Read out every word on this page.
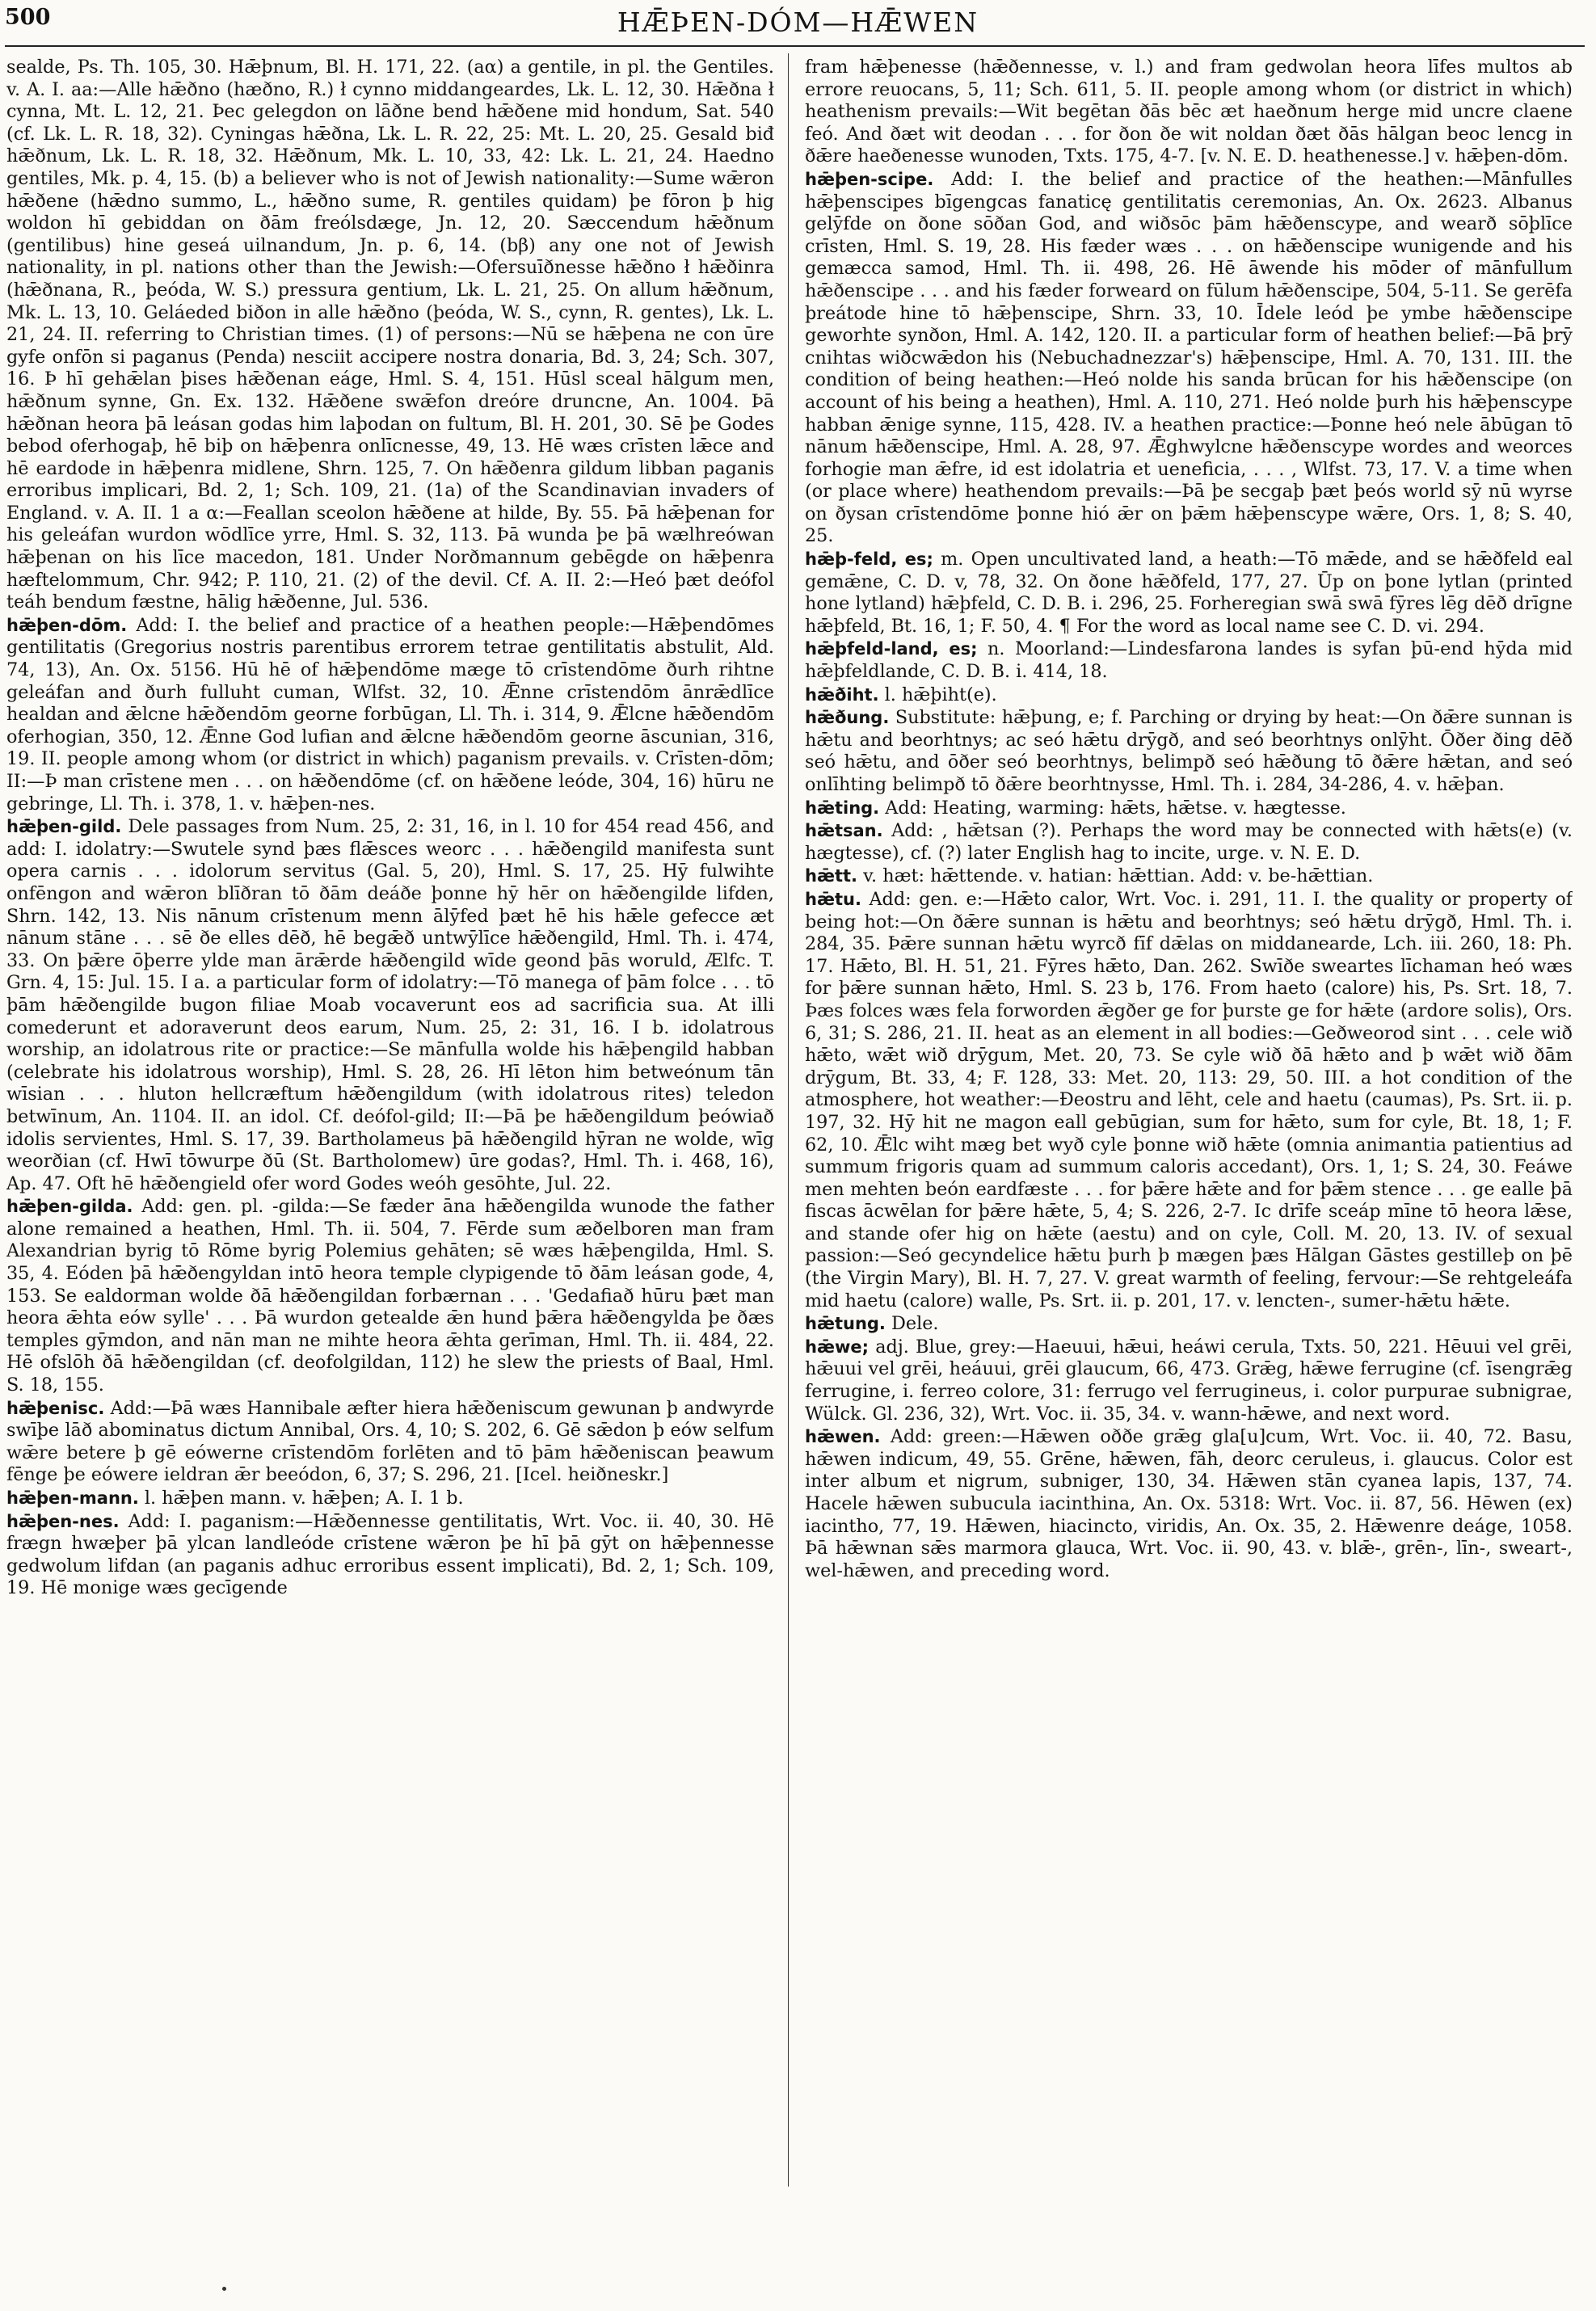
500	HǢÞEN-DÓM—HǢWEN

sealde, Ps. Th. 105, 30. Hǣþnum, Bl. H. 171, 22. (aα) a gentile, in pl. the Gentiles. v. A. I. aa:—Alle hǣðno (hæðno, R.) ł cynno middangeardes, Lk. L. 12, 30. Hǣðna ł cynna, Mt. L. 12, 21. Þec gelegdon on lāðne bend hǣðene mid hondum, Sat. 540 (cf. Lk. L. R. 18, 32). Cyningas hǣðna, Lk. L. R. 22, 25: Mt. L. 20, 25. Gesald biđ hǣðnum, Lk. L. R. 18, 32. Hǣðnum, Mk. L. 10, 33, 42: Lk. L. 21, 24. Haedno gentiles, Mk. p. 4, 15. (b) a believer who is not of Jewish nationality:—Sume wǣron hǣðene (hǣdno summo, L., hǣðno sume, R. gentiles quidam) þe fōron þ hig woldon hī gebiddan on ðām freólsdæge, Jn. 12, 20. Sæccendum hǣðnum (gentilibus) hine geseá uilnandum, Jn. p. 6, 14. (bβ) any one not of Jewish nationality, in pl. nations other than the Jewish:—Ofersuīðnesse hǣðno ł hǣðinra (hǣðnana, R., þeóda, W. S.) pressura gentium, Lk. L. 21, 25. On allum hǣðnum, Mk. L. 13, 10. Geláeded biðon in alle hǣðno (þeóda, W. S., cynn, R. gentes), Lk. L. 21, 24. II. referring to Christian times. (1) of persons:—Nū se hǣþena ne con ūre gyfe onfōn si paganus (Penda) nesciit accipere nostra donaria, Bd. 3, 24; Sch. 307, 16. Þ hī gehǣlan þises hǣðenan eáge, Hml. S. 4, 151. Hūsl sceal hālgum men, hǣðnum synne, Gn. Ex. 132. Hǣðene swǣfon dreóre druncne, An. 1004. Þā hǣðnan heora þā leásan godas him laþodan on fultum, Bl. H. 201, 30. Sē þe Godes bebod oferhogaþ, hē biþ on hǣþenra onlīcnesse, 49, 13. Hē wæs crīsten lǣce and hē eardode in hǣþenra midlene, Shrn. 125, 7. On hǣðenra gildum libban paganis erroribus implicari, Bd. 2, 1; Sch. 109, 21. (1a) of the Scandinavian invaders of England. v. A. II. 1 a α:—Feallan sceolon hǣðene at hilde, By. 55. Þā hǣþenan for his geleáfan wurdon wōdlīce yrre, Hml. S. 32, 113. Þā wunda þe þā wælhreówan hǣþenan on his līce macedon, 181. Under Norðmannum gebēgde on hǣþenra hæftelommum, Chr. 942; P. 110, 21. (2) of the devil. Cf. A. II. 2:—Heó þæt deófol teáh bendum fæstne, hālig hǣðenne, Jul. 536.

hǣþen-dōm. Add: I. the belief and practice of a heathen people:—Hǣþendōmes gentilitatis (Gregorius nostris parentibus errorem tetrae gentilitatis abstulit, Ald. 74, 13), An. Ox. 5156. Hū hē of hǣþendōme mæge tō crīstendōme ðurh rihtne geleáfan and ðurh fulluht cuman, Wlfst. 32, 10. Ǣnne crīstendōm ānrǣdlīce healdan and ǣlcne hǣðendōm georne forbūgan, Ll. Th. i. 314, 9. Ǣlcne hǣðendōm oferhogian, 350, 12. Ǣnne God lufian and ǣlcne hǣðendōm georne āscunian, 316, 19. II. people among whom (or district in which) paganism prevails. v. Crīsten-dōm; II:—Þ man crīstene men . . . on hǣðendōme (cf. on hǣðene leóde, 304, 16) hūru ne gebringe, Ll. Th. i. 378, 1. v. hǣþen-nes.

hǣþen-gild. Dele passages from Num. 25, 2: 31, 16, in l. 10 for 454 read 456, and add: I. idolatry:—Swutele synd þæs flǣsces weorc . . . hǣðengild manifesta sunt opera carnis . . . idolorum servitus (Gal. 5, 20), Hml. S. 17, 25. Hȳ fulwihte onfēngon and wǣron blīðran tō ðām deáðe þonne hȳ hēr on hǣðengilde lifden, Shrn. 142, 13. Nis nānum crīstenum menn ālȳfed þæt hē his hǣle gefecce æt nānum stāne . . . sē ðe elles dēð, hē begǣð untwȳlīce hǣðengild, Hml. Th. i. 474, 33. On þǣre ōþerre ylde man ārǣrde hǣðengild wīde geond þās woruld, Ælfc. T. Grn. 4, 15: Jul. 15. I a. a particular form of idolatry:—Tō manega of þām folce . . . tō þām hǣðengilde bugon filiae Moab vocaverunt eos ad sacrificia sua. At illi comederunt et adoraverunt deos earum, Num. 25, 2: 31, 16. I b. idolatrous worship, an idolatrous rite or practice:—Se mānfulla wolde his hǣþengild habban (celebrate his idolatrous worship), Hml. S. 28, 26. Hī lēton him betweónum tān wīsian . . . hluton hellcræftum hǣðengildum (with idolatrous rites) teledon betwīnum, An. 1104. II. an idol. Cf. deófol-gild; II:—Þā þe hǣðengildum þeówiað idolis servientes, Hml. S. 17, 39. Bartholameus þā hǣðengild hȳran ne wolde, wīg weorðian (cf. Hwī tōwurpe ðū (St. Bartholomew) ūre godas?, Hml. Th. i. 468, 16), Ap. 47. Oft hē hǣðengield ofer word Godes weóh gesōhte, Jul. 22.

hǣþen-gilda. Add: gen. pl. -gilda:—Se fæder āna hǣðengilda wunode the father alone remained a heathen, Hml. Th. ii. 504, 7. Fērde sum æðelboren man fram Alexandrian byrig tō Rōme byrig Polemius gehāten; sē wæs hǣþengilda, Hml. S. 35, 4. Eóden þā hǣðengyldan intō heora temple clypigende tō ðām leásan gode, 4, 153. Se ealdorman wolde ðā hǣðengildan forbærnan . . . 'Gedafiað hūru þæt man heora ǣhta eów sylle' . . . Þā wurdon getealde ǣn hund þǣra hǣðengylda þe ðæs temples gȳmdon, and nān man ne mihte heora ǣhta gerīman, Hml. Th. ii. 484, 22. Hē ofslōh ðā hǣðengildan (cf. deofolgildan, 112) he slew the priests of Baal, Hml. S. 18, 155.

hǣþenisc. Add:—Þā wæs Hannibale æfter hiera hǣðeniscum gewunan þ andwyrde swīþe lāð abominatus dictum Annibal, Ors. 4, 10; S. 202, 6. Gē sǣdon þ eów selfum wǣre betere þ gē eówerne crīstendōm forlēten and tō þām hǣðeniscan þeawum fēnge þe eówere ieldran ǣr beeódon, 6, 37; S. 296, 21. [Icel. heiðneskr.]

hǣþen-mann. l. hǣþen mann. v. hǣþen; A. I. 1 b.

hǣþen-nes. Add: I. paganism:—Hǣðennesse gentilitatis, Wrt. Voc. ii. 40, 30. Hē frægn hwæþer þā ylcan landleóde crīstene wǣron þe hī þā gȳt on hǣþennesse gedwolum lifdan (an paganis adhuc erroribus essent implicati), Bd. 2, 1; Sch. 109, 19. Hē monige wæs gecīgende

fram hǣþenesse (hǣðennesse, v. l.) and fram gedwolan heora līfes multos ab errore reuocans, 5, 11; Sch. 611, 5. II. people among whom (or district in which) heathenism prevails:—Wit begētan ðās bēc æt haeðnum herge mid uncre claene feó. And ðæt wit deodan . . . for ðon ðe wit noldan ðæt ðās hālgan beoc lencg in ðǣre haeðenesse wunoden, Txts. 175, 4-7. [v. N. E. D. heathenesse.] v. hǣþen-dōm.

hǣþen-scipe. Add: I. the belief and practice of the heathen:—Mānfulles hǣþenscipes bīgengcas fanaticę gentilitatis ceremonias, An. Ox. 2623. Albanus gelȳfde on ðone sōðan God, and wiðsōc þām hǣðenscype, and wearð sōþlīce crīsten, Hml. S. 19, 28. His fæder wæs . . . on hǣðenscipe wunigende and his gemæcca samod, Hml. Th. ii. 498, 26. Hē āwende his mōder of mānfullum hǣðenscipe . . . and his fæder forweard on fūlum hǣðenscipe, 504, 5-11. Se gerēfa þreátode hine tō hǣþenscipe, Shrn. 33, 10. Īdele leód þe ymbe hǣðenscipe geworhte synðon, Hml. A. 142, 120. II. a particular form of heathen belief:—Þā þrȳ cnihtas wiðcwǣdon his (Nebuchadnezzar's) hǣþenscipe, Hml. A. 70, 131. III. the condition of being heathen:—Heó nolde his sanda brūcan for his hǣðenscipe (on account of his being a heathen), Hml. A. 110, 271. Heó nolde þurh his hǣþenscype habban ǣnige synne, 115, 428. IV. a heathen practice:—Þonne heó nele ābūgan tō nānum hǣðenscipe, Hml. A. 28, 97. Ǣghwylcne hǣðenscype wordes and weorces forhogie man ǣfre, id est idolatria et ueneficia, . . . , Wlfst. 73, 17. V. a time when (or place where) heathendom prevails:—Þā þe secgaþ þæt þeós world sȳ nū wyrse on ðysan crīstendōme þonne hió ǣr on þǣm hǣþenscype wǣre, Ors. 1, 8; S. 40, 25.

hǣþ-feld, es; m. Open uncultivated land, a heath:—Tō mǣde, and se hǣðfeld eal gemǣne, C. D. v, 78, 32. On ðone hǣðfeld, 177, 27. Ūp on þone lytlan (printed hone lytland) hǣþfeld, C. D. B. i. 296, 25. Forheregian swā swā fȳres lēg dēð drīgne hǣþfeld, Bt. 16, 1; F. 50, 4. ¶ For the word as local name see C. D. vi. 294.

hǣþfeld-land, es; n. Moorland:—Lindesfarona landes is syfan þū-end hȳda mid hǣþfeldlande, C. D. B. i. 414, 18.

hǣðiht. l. hǣþiht(e).

hǣðung. Substitute: hǣþung, e; f. Parching or drying by heat:—On ðǣre sunnan is hǣtu and beorhtnys; ac seó hǣtu drȳgð, and seó beorhtnys onlȳht. Ōðer ðing dēð seó hǣtu, and ōðer seó beorhtnys, belimpð seó hǣðung tō ðǣre hǣtan, and seó onlīhting belimpð tō ðǣre beorhtnysse, Hml. Th. i. 284, 34-286, 4. v. hǣþan.

hǣting. Add: Heating, warming: hǣts, hǣtse. v. hægtesse.

hǣtsan. Add: , hǣtsan (?). Perhaps the word may be connected with hǣts(e) (v. hægtesse), cf. (?) later English hag to incite, urge. v. N. E. D.

hǣtt. v. hæt: hǣttende. v. hatian: hǣttian. Add: v. be-hǣttian.

hǣtu. Add: gen. e:—Hǣto calor, Wrt. Voc. i. 291, 11. I. the quality or property of being hot:—On ðǣre sunnan is hǣtu and beorhtnys; seó hǣtu drȳgð, Hml. Th. i. 284, 35. Þǣre sunnan hǣtu wyrcð fīf dǣlas on middanearde, Lch. iii. 260, 18: Ph. 17. Hǣto, Bl. H. 51, 21. Fȳres hǣto, Dan. 262. Swīðe sweartes līchaman heó wæs for þǣre sunnan hǣto, Hml. S. 23 b, 176. From haeto (calore) his, Ps. Srt. 18, 7. Þæs folces wæs fela forworden ǣgðer ge for þurste ge for hǣte (ardore solis), Ors. 6, 31; S. 286, 21. II. heat as an element in all bodies:—Geðweorod sint . . . cele wið hǣto, wǣt wið drȳgum, Met. 20, 73. Se cyle wið ðā hǣto and þ wǣt wið ðām drȳgum, Bt. 33, 4; F. 128, 33: Met. 20, 113: 29, 50. III. a hot condition of the atmosphere, hot weather:—Ðeostru and lēht, cele and haetu (caumas), Ps. Srt. ii. p. 197, 32. Hȳ hit ne magon eall gebūgian, sum for hǣto, sum for cyle, Bt. 18, 1; F. 62, 10. Ǣlc wiht mæg bet wyð cyle þonne wið hǣte (omnia animantia patientius ad summum frigoris quam ad summum caloris accedant), Ors. 1, 1; S. 24, 30. Feáwe men mehten beón eardfæste . . . for þǣre hǣte and for þǣm stence . . . ge ealle þā fiscas ācwēlan for þǣre hǣte, 5, 4; S. 226, 2-7. Ic drīfe sceáp mīne tō heora lǣse, and stande ofer hig on hǣte (aestu) and on cyle, Coll. M. 20, 13. IV. of sexual passion:—Seó gecyndelice hǣtu þurh þ mægen þæs Hālgan Gāstes gestilleþ on þē (the Virgin Mary), Bl. H. 7, 27. V. great warmth of feeling, fervour:—Se rehtgeleáfa mid haetu (calore) walle, Ps. Srt. ii. p. 201, 17. v. lencten-, sumer-hǣtu hǣte.

hǣtung. Dele.

hǣwe; adj. Blue, grey:—Haeuui, hǣui, heáwi cerula, Txts. 50, 221. Hēuui vel grēi, hǣuui vel grēi, heáuui, grēi glaucum, 66, 473. Grǣg, hǣwe ferrugine (cf. īsengrǣg ferrugine, i. ferreo colore, 31: ferrugo vel ferrugineus, i. color purpurae subnigrae, Wülck. Gl. 236, 32), Wrt. Voc. ii. 35, 34. v. wann-hǣwe, and next word.

hǣwen. Add: green:—Hǣwen oððe grǣg gla[u]cum, Wrt. Voc. ii. 40, 72. Basu, hǣwen indicum, 49, 55. Grēne, hǣwen, fāh, deorc ceruleus, i. glaucus. Color est inter album et nigrum, subniger, 130, 34. Hǣwen stān cyanea lapis, 137, 74. Hacele hǣwen subucula iacinthina, An. Ox. 5318: Wrt. Voc. ii. 87, 56. Hēwen (ex) iacintho, 77, 19. Hǣwen, hiacincto, viridis, An. Ox. 35, 2. Hǣwenre deáge, 1058. Þā hǣwnan sǣs marmora glauca, Wrt. Voc. ii. 90, 43. v. blǣ-, grēn-, līn-, sweart-, wel-hǣwen, and preceding word.
